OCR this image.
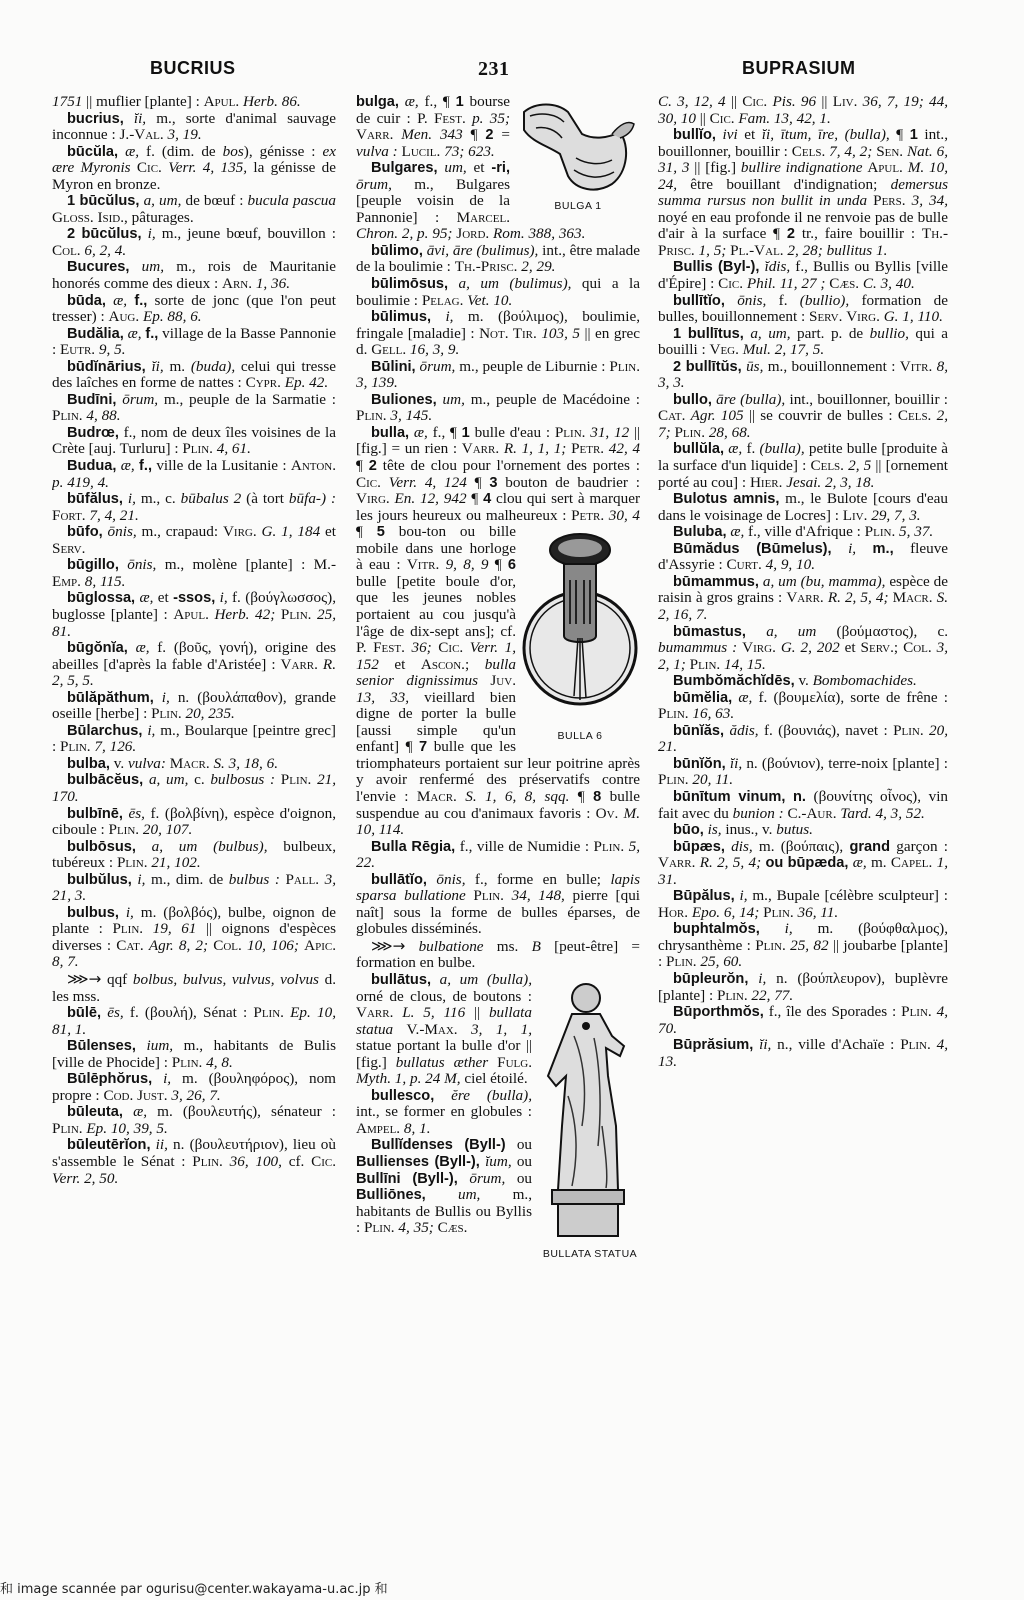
BUCRIUS	231	BUPRASIUM

1751 || muflier [plante] : Apul. Herb. 86.

bucrius, ĭi, m., sorte d'animal sauvage inconnue : J.-Val. 3, 19.

būcŭla, æ, f. (dim. de bos), génisse : ex ære Myronis Cic. Verr. 4, 135, la génisse de Myron en bronze.

1 būcŭlus, a, um, de bœuf : bucula pascua Gloss. Isid., pâturages.

2 būcŭlus, i, m., jeune bœuf, bouvillon : Col. 6, 2, 4.

Bucures, um, m., rois de Mauritanie honorés comme des dieux : Arn. 1, 36.

būda, æ, f., sorte de jonc (que l'on peut tresser) : Aug. Ep. 88, 6.

Budălia, æ, f., village de la Basse Pannonie : Eutr. 9, 5.

būdĭnārius, ĭi, m. (buda), celui qui tresse des laîches en forme de nattes : Cypr. Ep. 42.

Budīni, ōrum, m., peuple de la Sarmatie : Plin. 4, 88.

Budrœ, f., nom de deux îles voisines de la Crète [auj. Turluru] : Plin. 4, 61.

Budua, æ, f., ville de la Lusitanie : Anton. p. 419, 4.

būfălus, i, m., c. būbalus 2 (à tort būfa-) : Fort. 7, 4, 21.

būfo, ōnis, m., crapaud: Virg. G. 1, 184 et Serv.

būgillo, ōnis, m., molène [plante] : M.-Emp. 8, 115.

būglossa, æ, et -ssos, i, f. (βούγλωσσος), buglosse [plante] : Apul. Herb. 42; Plin. 25, 81.

būgŏnĭa, æ, f. (βοῦς, γονή), origine des abeilles [d'après la fable d'Aristée] : Varr. R. 2, 5, 5.

būlăpăthum, i, n. (βουλάπαθον), grande oseille [herbe] : Plin. 20, 235.

Būlarchus, i, m., Boularque [peintre grec] : Plin. 7, 126.

bulba, v. vulva: Macr. S. 3, 18, 6.

bulbācĕus, a, um, c. bulbosus : Plin. 21, 170.

bulbīnē, ēs, f. (βολβίνη), espèce d'oignon, ciboule : Plin. 20, 107.

bulbōsus, a, um (bulbus), bulbeux, tubéreux : Plin. 21, 102.

bulbŭlus, i, m., dim. de bulbus : Pall. 3, 21, 3.

bulbus, i, m. (βολβός), bulbe, oignon de plante : Plin. 19, 61 || oignons d'espèces diverses : Cat. Agr. 8, 2; Col. 10, 106; Apic. 8, 7.

⋙→ qqf bolbus, bulvus, vulvus, volvus d. les mss.

būlē, ēs, f. (βουλή), Sénat : Plin. Ep. 10, 81, 1.

Būlenses, ium, m., habitants de Bulis [ville de Phocide] : Plin. 4, 8.

Būlēphŏrus, i, m. (βουληφόρος), nom propre : Cod. Just. 3, 26, 7.

būleuta, æ, m. (βουλευτής), sénateur : Plin. Ep. 10, 39, 5.

būleutērĭon, ii, n. (βουλευτήριον), lieu où s'assemble le Sénat : Plin. 36, 100, cf. Cic. Verr. 2, 50.

BULGA 1

bulga, æ, f., ¶ 1 bourse de cuir : P. Fest. p. 35; Varr. Men. 343 ¶ 2 = vulva : Lucil. 73; 623.

Bulgares, um, et -ri, ōrum, m., Bulgares [peuple voisin de la Pannonie] : Marcel. Chron. 2, p. 95; Jord. Rom. 388, 363.

būlimo, āvi, āre (bulimus), int., être malade de la boulimie : Th.-Prisc. 2, 29.

būlimōsus, a, um (bulimus), qui a la boulimie : Pelag. Vet. 10.

būlimus, i, m. (βούλιμος), boulimie, fringale [maladie] : Not. Tir. 103, 5 || en grec d. Gell. 16, 3, 9.

Būlini, ōrum, m., peuple de Liburnie : Plin. 3, 139.

Buliones, um, m., peuple de Macédoine : Plin. 3, 145.

bulla, æ, f., ¶ 1 bulle d'eau : Plin. 31, 12 || [fig.] = un rien : Varr. R. 1, 1, 1; Petr. 42, 4 ¶ 2 tête de clou pour l'ornement des portes : Cic. Verr. 4, 124 ¶ 3 bouton de baudrier : Virg. En. 12, 942 ¶ 4 clou qui sert à marquer les jours heureux ou malheureux : Petr. 30, 4 ¶ 5 bou-
BULLA 6
ton ou bille mobile dans une horloge à eau : Vitr. 9, 8, 9 ¶ 6 bulle [petite boule d'or, que les jeunes nobles portaient au cou jusqu'à l'âge de dix-sept ans]; cf. P. Fest. 36; Cic. Verr. 1, 152 et Ascon.; bulla senior dignissimus Juv. 13, 33, vieillard bien digne de porter la bulle [aussi simple qu'un enfant] ¶ 7 bulle que les triomphateurs portaient sur leur poitrine après y avoir renfermé des préservatifs contre l'envie : Macr. S. 1, 6, 8, sqq. ¶ 8 bulle suspendue au cou d'animaux favoris : Ov. M. 10, 114.

Bulla Rēgia, f., ville de Numidie : Plin. 5, 22.

bullātĭo, ōnis, f., forme en bulle; lapis sparsa bullatione Plin. 34, 148, pierre [qui naît] sous la forme de bulles éparses, de globules disséminés.

⋙→ bulbatione ms. B [peut-être] = formation en bulbe.

BULLATA STATUA
bullātus, a, um (bulla), orné de clous, de boutons : Varr. L. 5, 116 || bullata statua V.-Max. 3, 1, 1, statue portant la bulle d'or || [fig.] bullatus æther Fulg. Myth. 1, p. 24 M, ciel étoilé.

bullesco, ĕre (bulla), int., se former en globules : Ampel. 8, 1.

Bullĭdenses (Byll-) ou Bullienses (Byll-), ĭum, ou Bullīni (Byll-), ōrum, ou Bulliōnes, um, m., habitants de Bullis ou Byllis : Plin. 4, 35; Cæs.

C. 3, 12, 4 || Cic. Pis. 96 || Liv. 36, 7, 19; 44, 30, 10 || Cic. Fam. 13, 42, 1.

bullĭo, ivi et ĭi, ītum, īre, (bulla), ¶ 1 int., bouillonner, bouillir : Cels. 7, 4, 2; Sen. Nat. 6, 31, 3 || [fig.] bullire indignatione Apul. M. 10, 24, être bouillant d'indignation; demersus summa rursus non bullit in unda Pers. 3, 34, noyé en eau profonde il ne renvoie pas de bulle d'air à la surface ¶ 2 tr., faire bouillir : Th.-Prisc. 1, 5; Pl.-Val. 2, 28; bullitus 1.

Bullis (Byl-), ĭdis, f., Bullis ou Byllis [ville d'Épire] : Cic. Phil. 11, 27 ; Cæs. C. 3, 40.

bullītĭo, ōnis, f. (bullio), formation de bulles, bouillonnement : Serv. Virg. G. 1, 110.

1 bullītus, a, um, part. p. de bullio, qui a bouilli : Veg. Mul. 2, 17, 5.

2 bullītŭs, ūs, m., bouillonnement : Vitr. 8, 3, 3.

bullo, āre (bulla), int., bouillonner, bouillir : Cat. Agr. 105 || se couvrir de bulles : Cels. 2, 7; Plin. 28, 68.

bullŭla, æ, f. (bulla), petite bulle [produite à la surface d'un liquide] : Cels. 2, 5 || [ornement porté au cou] : Hier. Jesai. 2, 3, 18.

Bulotus amnis, m., le Bulote [cours d'eau dans le voisinage de Locres] : Liv. 29, 7, 3.

Buluba, æ, f., ville d'Afrique : Plin. 5, 37.

Būmădus (Būmelus), i, m., fleuve d'Assyrie : Curt. 4, 9, 10.

būmammus, a, um (bu, mamma), espèce de raisin à gros grains : Varr. R. 2, 5, 4; Macr. S. 2, 16, 7.

būmastus, a, um (βούμαστος), c. bumammus : Virg. G. 2, 202 et Serv.; Col. 3, 2, 1; Plin. 14, 15.

Bumbŏmăchĭdēs, v. Bombomachides.

būmĕlia, æ, f. (βουμελία), sorte de frêne : Plin. 16, 63.

būnĭăs, ădis, f. (βουνιάς), navet : Plin. 20, 21.

būnĭŏn, ĭi, n. (βούνιον), terre-noix [plante] : Plin. 20, 11.

būnītum vinum, n. (βουνίτης οἶνος), vin fait avec du bunion : C.-Aur. Tard. 4, 3, 52.

būo, is, inus., v. butus.

būpæs, dis, m. (βούπαις), grand garçon : Varr. R. 2, 5, 4; ou būpæda, æ, m. Capel. 1, 31.

Būpălus, i, m., Bupale [célèbre sculpteur] : Hor. Epo. 6, 14; Plin. 36, 11.

buphtalmŏs, i, m. (βούφθαλμος), chrysanthème : Plin. 25, 82 || joubarbe [plante] : Plin. 25, 60.

būpleurŏn, i, n. (βούπλευρον), buplèvre [plante] : Plin. 22, 77.

Būporthmŏs, f., île des Sporades : Plin. 4, 70.

Būprăsium, ĭi, n., ville d'Achaïe : Plin. 4, 13.

和 image scannée par ogurisu@center.wakayama-u.ac.jp 和
